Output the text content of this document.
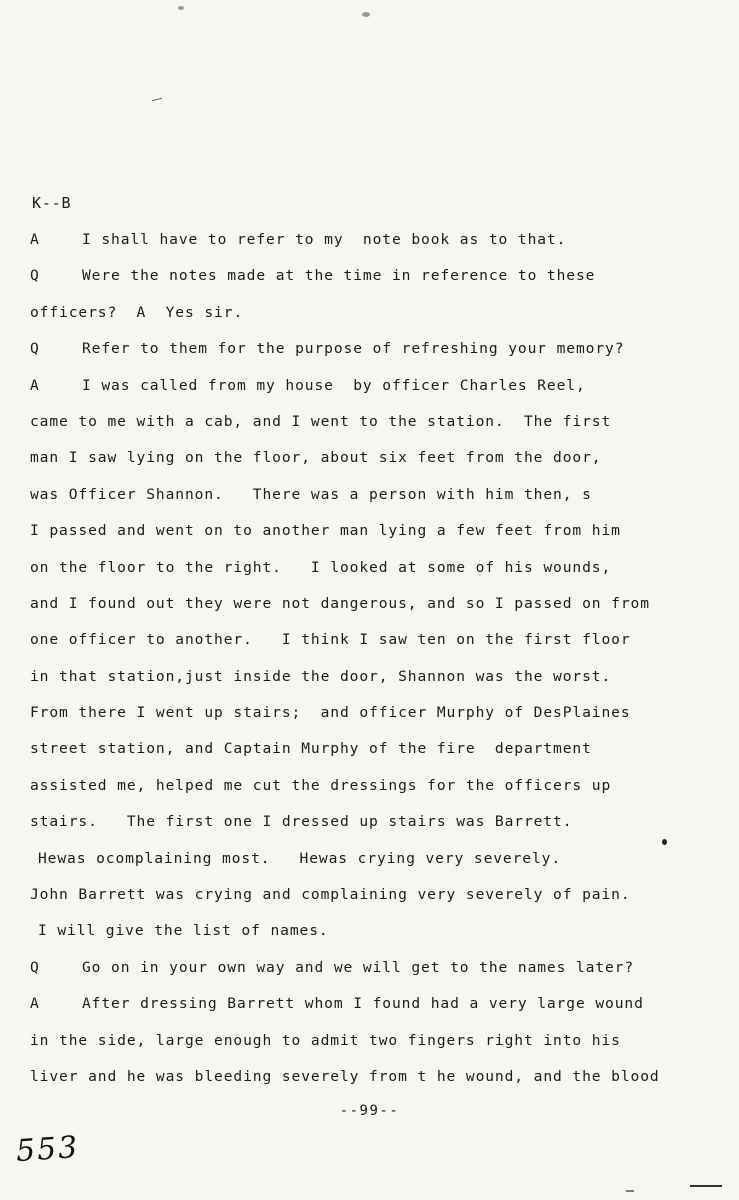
K--B
A	I shall have to refer to my  note book as to that.
Q	Were the notes made at the time in reference to these
officers?  A  Yes sir.
Q	Refer to them for the purpose of refreshing your memory?
A	I was called from my house  by officer Charles Reel,
came to me with a cab, and I went to the station.  The first
man I saw lying on the floor, about six feet from the door,
was Officer Shannon.   There was a person with him then, s
I passed and went on to another man lying a few feet from him
on the floor to the right.   I looked at some of his wounds,
and I found out they were not dangerous, and so I passed on from
one officer to another.   I think I saw ten on the first floor
in that station,just inside the door, Shannon was the worst.
From there I went up stairs;  and officer Murphy of DesPlaines
street station, and Captain Murphy of the fire  department
assisted me, helped me cut the dressings for the officers up
stairs.   The first one I dressed up stairs was Barrett.
Hewas ocomplaining most.   Hewas crying very severely.
John Barrett was crying and complaining very severely of pain.
I will give the list of names.
Q	Go on in your own way and we will get to the names later?
A	After dressing Barrett whom I found had a very large wound
in the side, large enough to admit two fingers right into his
liver and he was bleeding severely from t he wound, and the blood
--99--
553
